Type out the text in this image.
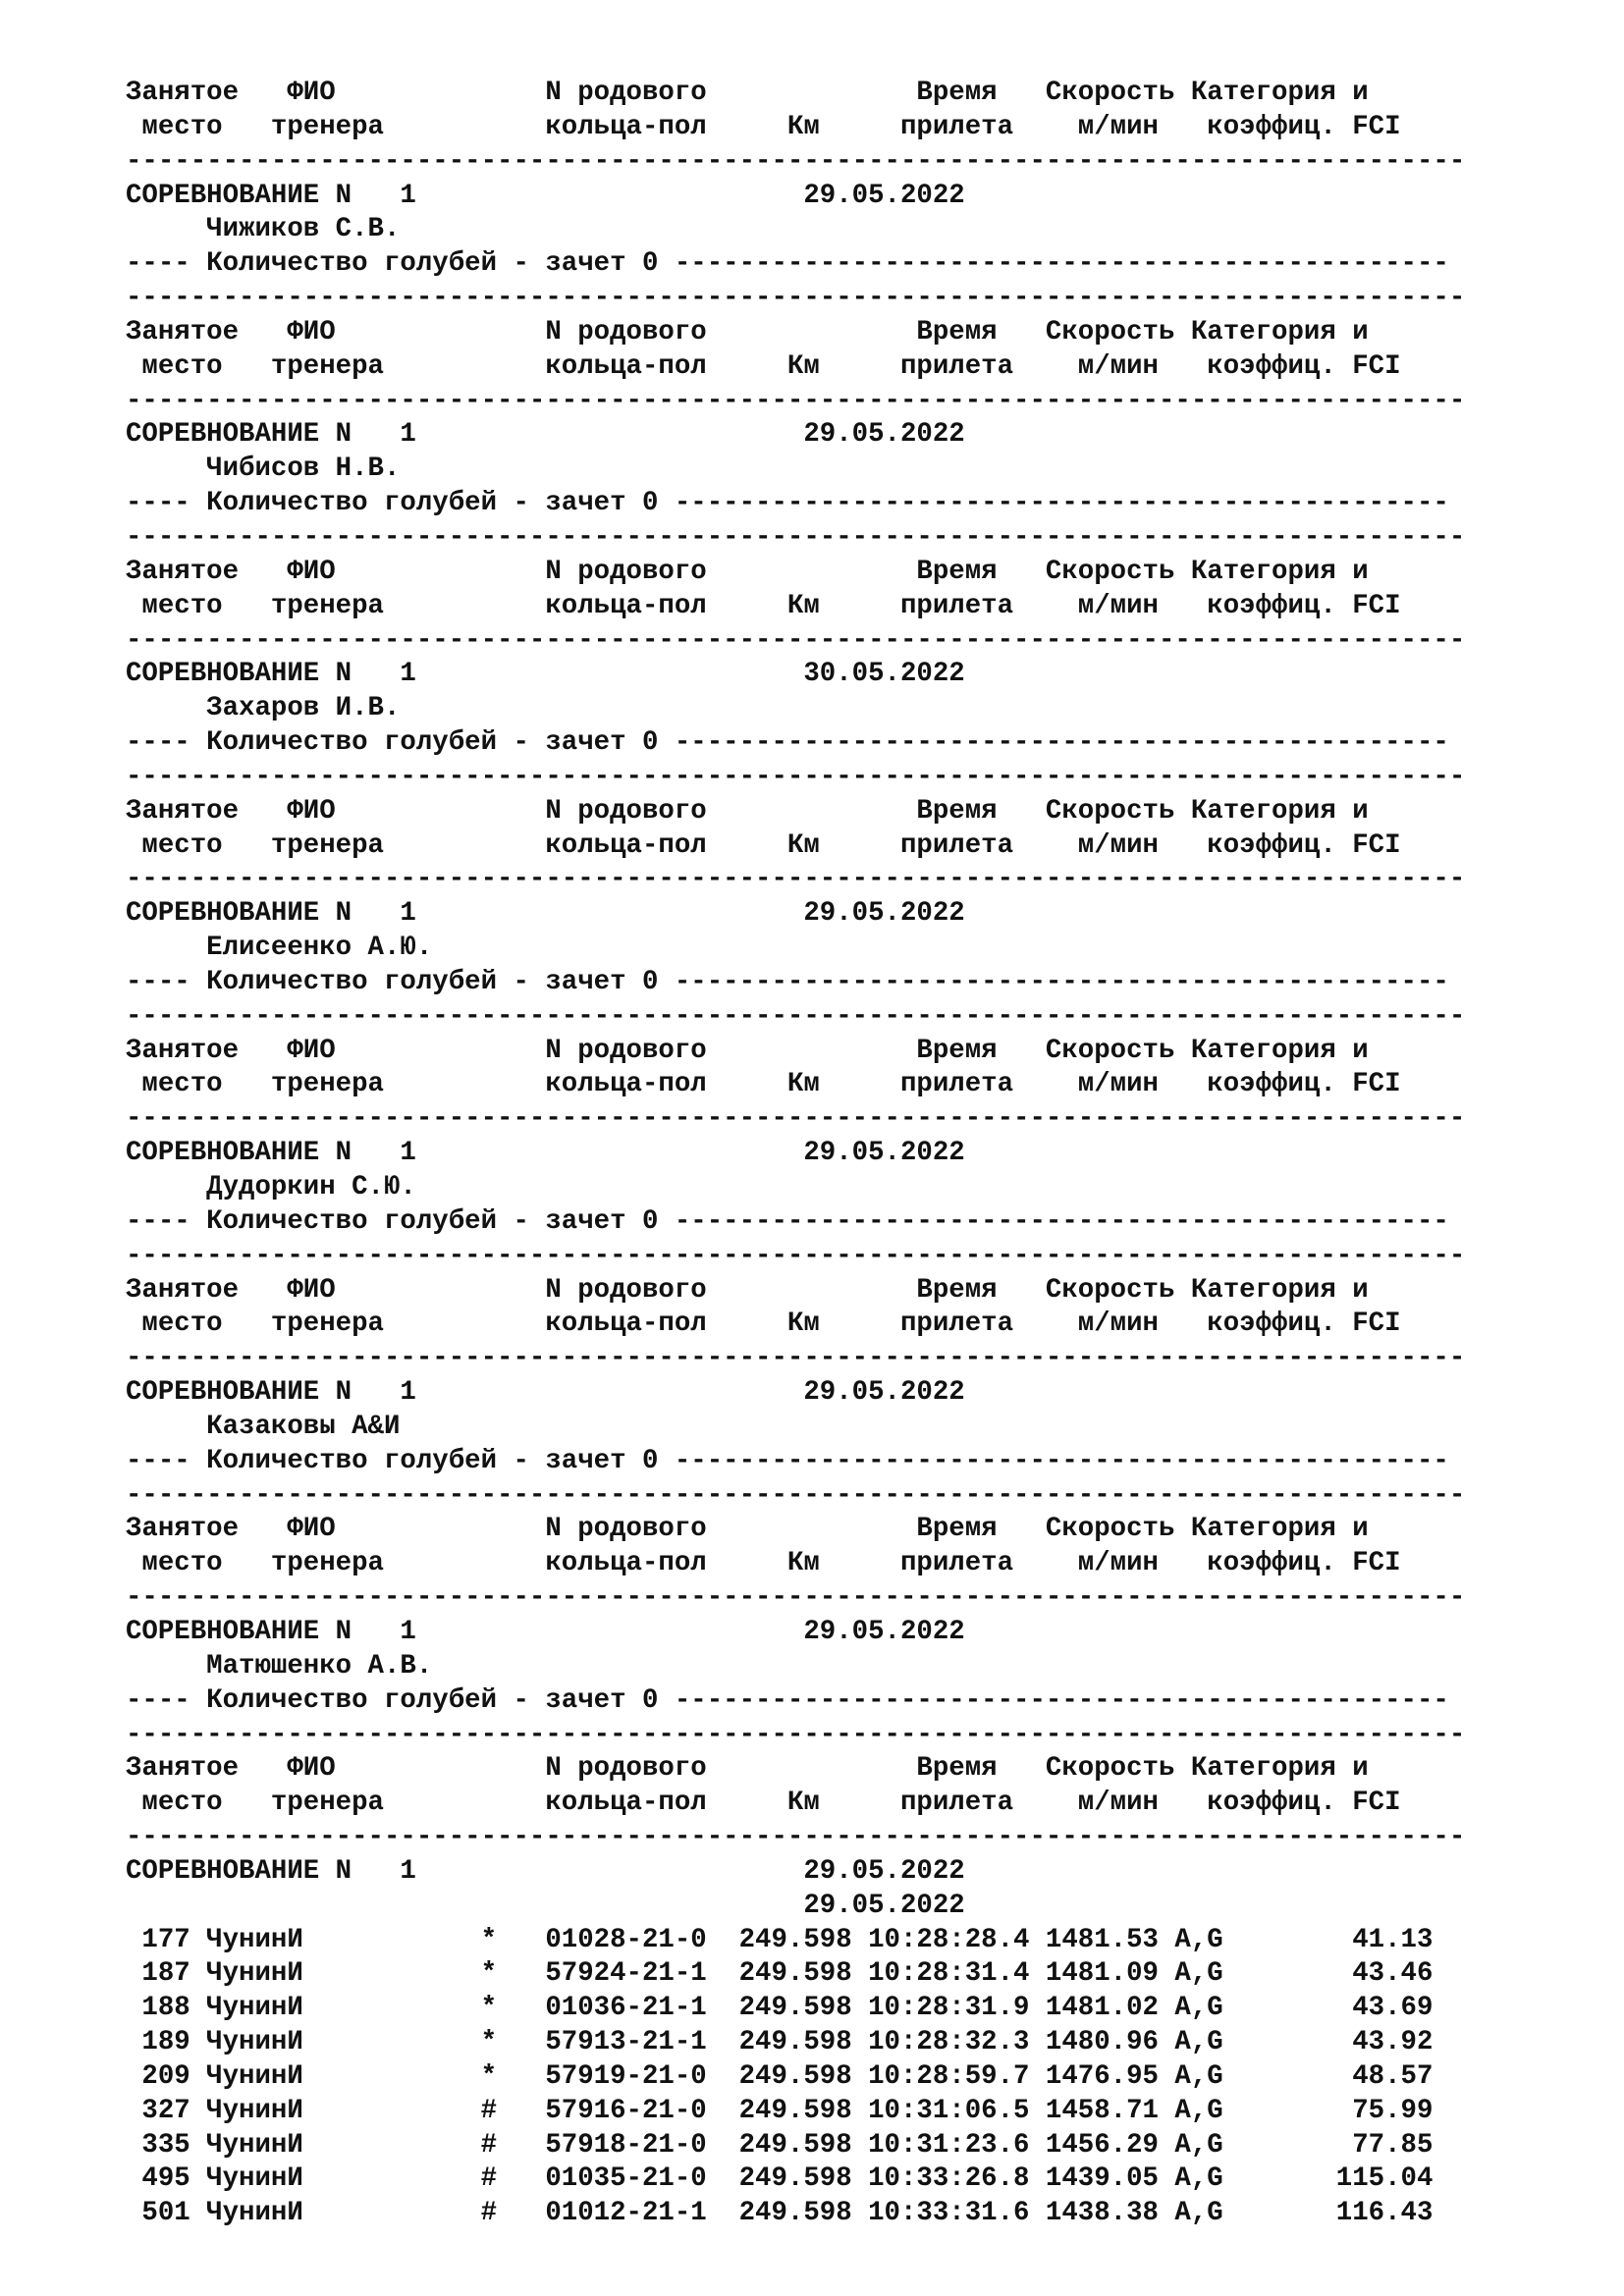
Занятое   ФИО             N родового             Время   Скорость Категория и
место   тренера          кольца-пол     Км     прилета    м/мин   коэффиц. FCI
-----------------------------------------------------------------------------------
СОРЕВНОВАНИЕ N   1                        29.05.2022
Чижиков С.В.
---- Количество голубей - зачет 0 ------------------------------------------------
-----------------------------------------------------------------------------------
Занятое   ФИО             N родового             Время   Скорость Категория и
место   тренера          кольца-пол     Км     прилета    м/мин   коэффиц. FCI
-----------------------------------------------------------------------------------
СОРЕВНОВАНИЕ N   1                        29.05.2022
Чибисов Н.В.
---- Количество голубей - зачет 0 ------------------------------------------------
-----------------------------------------------------------------------------------
Занятое   ФИО             N родового             Время   Скорость Категория и
место   тренера          кольца-пол     Км     прилета    м/мин   коэффиц. FCI
-----------------------------------------------------------------------------------
СОРЕВНОВАНИЕ N   1                        30.05.2022
Захаров И.В.
---- Количество голубей - зачет 0 ------------------------------------------------
-----------------------------------------------------------------------------------
Занятое   ФИО             N родового             Время   Скорость Категория и
место   тренера          кольца-пол     Км     прилета    м/мин   коэффиц. FCI
-----------------------------------------------------------------------------------
СОРЕВНОВАНИЕ N   1                        29.05.2022
Елисеенко А.Ю.
---- Количество голубей - зачет 0 ------------------------------------------------
-----------------------------------------------------------------------------------
Занятое   ФИО             N родового             Время   Скорость Категория и
место   тренера          кольца-пол     Км     прилета    м/мин   коэффиц. FCI
-----------------------------------------------------------------------------------
СОРЕВНОВАНИЕ N   1                        29.05.2022
Дудоркин С.Ю.
---- Количество голубей - зачет 0 ------------------------------------------------
-----------------------------------------------------------------------------------
Занятое   ФИО             N родового             Время   Скорость Категория и
место   тренера          кольца-пол     Км     прилета    м/мин   коэффиц. FCI
-----------------------------------------------------------------------------------
СОРЕВНОВАНИЕ N   1                        29.05.2022
Казаковы А&И
---- Количество голубей - зачет 0 ------------------------------------------------
-----------------------------------------------------------------------------------
Занятое   ФИО             N родового             Время   Скорость Категория и
место   тренера          кольца-пол     Км     прилета    м/мин   коэффиц. FCI
-----------------------------------------------------------------------------------
СОРЕВНОВАНИЕ N   1                        29.05.2022
Матюшенко А.В.
---- Количество голубей - зачет 0 ------------------------------------------------
-----------------------------------------------------------------------------------
Занятое   ФИО             N родового             Время   Скорость Категория и
место   тренера          кольца-пол     Км     прилета    м/мин   коэффиц. FCI
-----------------------------------------------------------------------------------
СОРЕВНОВАНИЕ N   1                        29.05.2022
29.05.2022
177 ЧунинИ           *   01028-21-0  249.598 10:28:28.4 1481.53 A,G        41.13
187 ЧунинИ           *   57924-21-1  249.598 10:28:31.4 1481.09 A,G        43.46
188 ЧунинИ           *   01036-21-1  249.598 10:28:31.9 1481.02 A,G        43.69
189 ЧунинИ           *   57913-21-1  249.598 10:28:32.3 1480.96 A,G        43.92
209 ЧунинИ           *   57919-21-0  249.598 10:28:59.7 1476.95 A,G        48.57
327 ЧунинИ           #   57916-21-0  249.598 10:31:06.5 1458.71 A,G        75.99
335 ЧунинИ           #   57918-21-0  249.598 10:31:23.6 1456.29 A,G        77.85
495 ЧунинИ           #   01035-21-0  249.598 10:33:26.8 1439.05 A,G       115.04
501 ЧунинИ           #   01012-21-1  249.598 10:33:31.6 1438.38 A,G       116.43
